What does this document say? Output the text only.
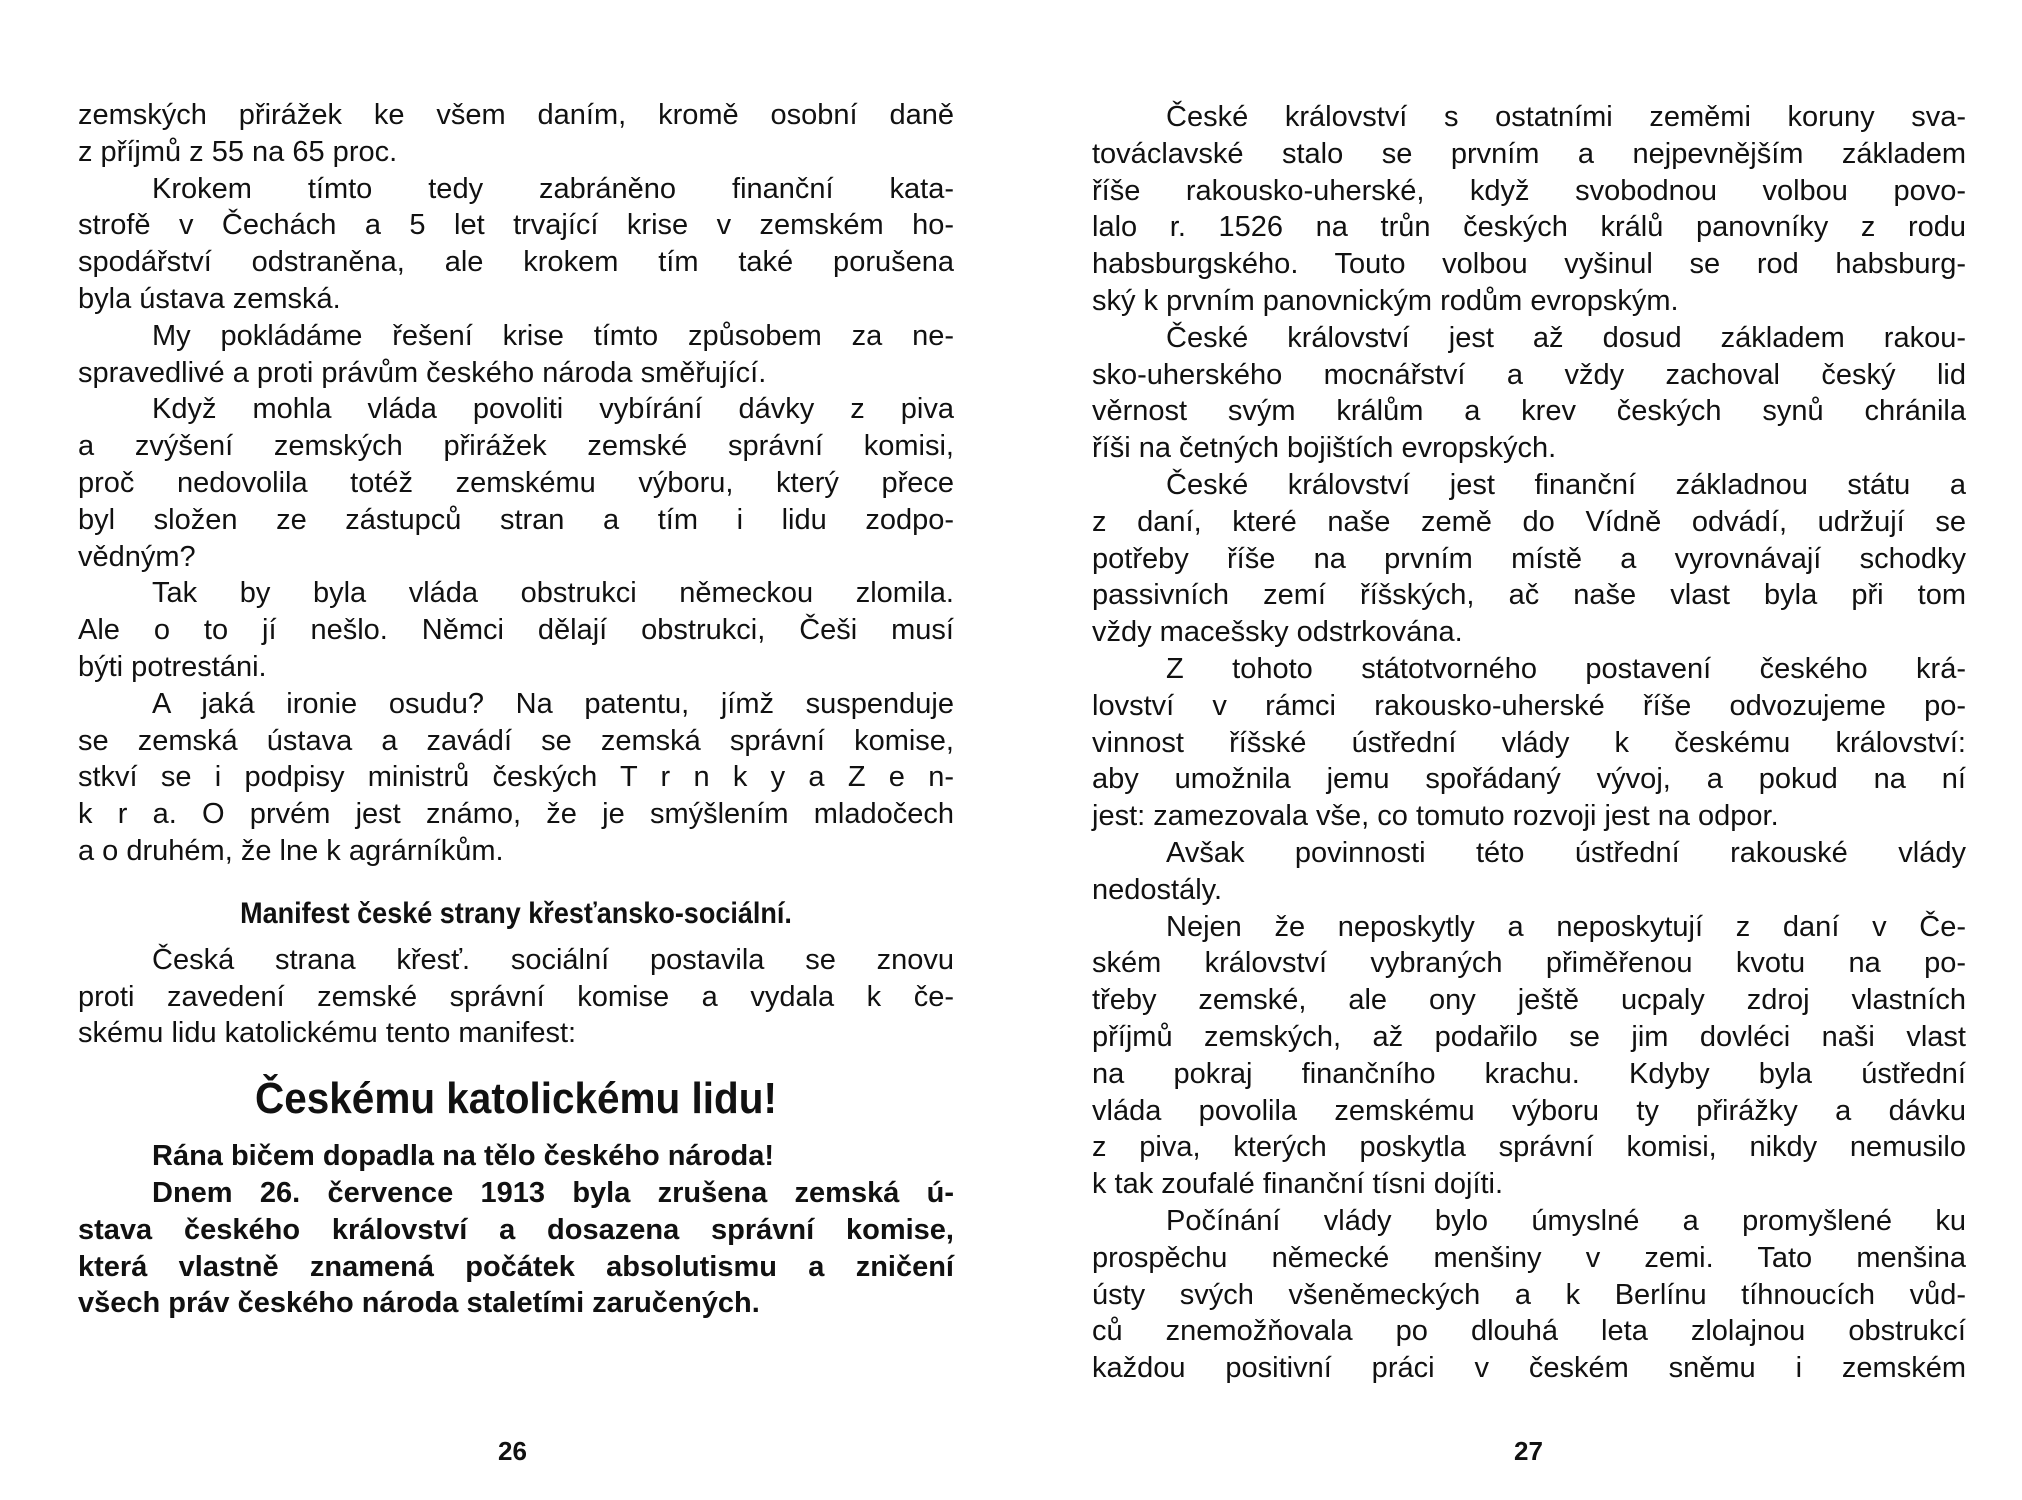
zemských přirážek ke všem daním, kromě osobní daně
z příjmů z 55 na 65 proc.
Krokem tímto tedy zabráněno finanční kata-
strofě v Čechách a 5 let trvající krise v zemském ho-
spodářství odstraněna, ale krokem tím také porušena
byla ústava zemská.
My pokládáme řešení krise tímto způsobem za ne-
spravedlivé a proti právům českého národa směřující.
Když mohla vláda povoliti vybírání dávky z piva
a zvýšení zemských přirážek zemské správní komisi,
proč nedovolila totéž zemskému výboru, který přece
byl složen ze zástupců stran a tím i lidu zodpo-
vědným?
Tak by byla vláda obstrukci německou zlomila.
Ale o to jí nešlo. Němci dělají obstrukci, Češi musí
býti potrestáni.
A jaká ironie osudu? Na patentu, jímž suspenduje
se zemská ústava a zavádí se zemská správní komise,
stkví se i podpisy ministrů českých T r n k y a Z e n-
k r a. O prvém jest známo, že je smýšlením mladočech
a o druhém, že lne k agrárníkům.
Manifest české strany křesťansko-sociální.
Česká strana křesť. sociální postavila se znovu
proti zavedení zemské správní komise a vydala k če-
skému lidu katolickému tento manifest:
Českému katolickému lidu!
Rána bičem dopadla na tělo českého národa!
Dnem 26. července 1913 byla zrušena zemská ú-
stava českého království a dosazena správní komise,
která vlastně znamená počátek absolutismu a zničení
všech práv českého národa staletími zaručených.
České království s ostatními zeměmi koruny sva-
továclavské stalo se prvním a nejpevnějším základem
říše rakousko-uherské, když svobodnou volbou povo-
lalo r. 1526 na trůn českých králů panovníky z rodu
habsburgského. Touto volbou vyšinul se rod habsburg-
ský k prvním panovnickým rodům evropským.
České království jest až dosud základem rakou-
sko-uherského mocnářství a vždy zachoval český lid
věrnost svým králům a krev českých synů chránila
říši na četných bojištích evropských.
České království jest finanční základnou státu a
z daní, které naše země do Vídně odvádí, udržují se
potřeby říše na prvním místě a vyrovnávají schodky
passivních zemí říšských, ač naše vlast byla při tom
vždy macešsky odstrkována.
Z tohoto státotvorného postavení českého krá-
lovství v rámci rakousko-uherské říše odvozujeme po-
vinnost říšské ústřední vlády k českému království:
aby umožnila jemu spořádaný vývoj, a pokud na ní
jest: zamezovala vše, co tomuto rozvoji jest na odpor.
Avšak povinnosti této ústřední rakouské vlády
nedostály.
Nejen že neposkytly a neposkytují z daní v Če-
ském království vybraných přiměřenou kvotu na po-
třeby zemské, ale ony ještě ucpaly zdroj vlastních
příjmů zemských, až podařilo se jim dovléci naši vlast
na pokraj finančního krachu. Kdyby byla ústřední
vláda povolila zemskému výboru ty přirážky a dávku
z piva, kterých poskytla správní komisi, nikdy nemusilo
k tak zoufalé finanční tísni dojíti.
Počínání vlády bylo úmyslné a promyšlené ku
prospěchu německé menšiny v zemi. Tato menšina
ústy svých všeněmeckých a k Berlínu tíhnoucích vůd-
ců znemožňovala po dlouhá leta zlolajnou obstrukcí
každou positivní práci v českém sněmu i zemském
26	27
